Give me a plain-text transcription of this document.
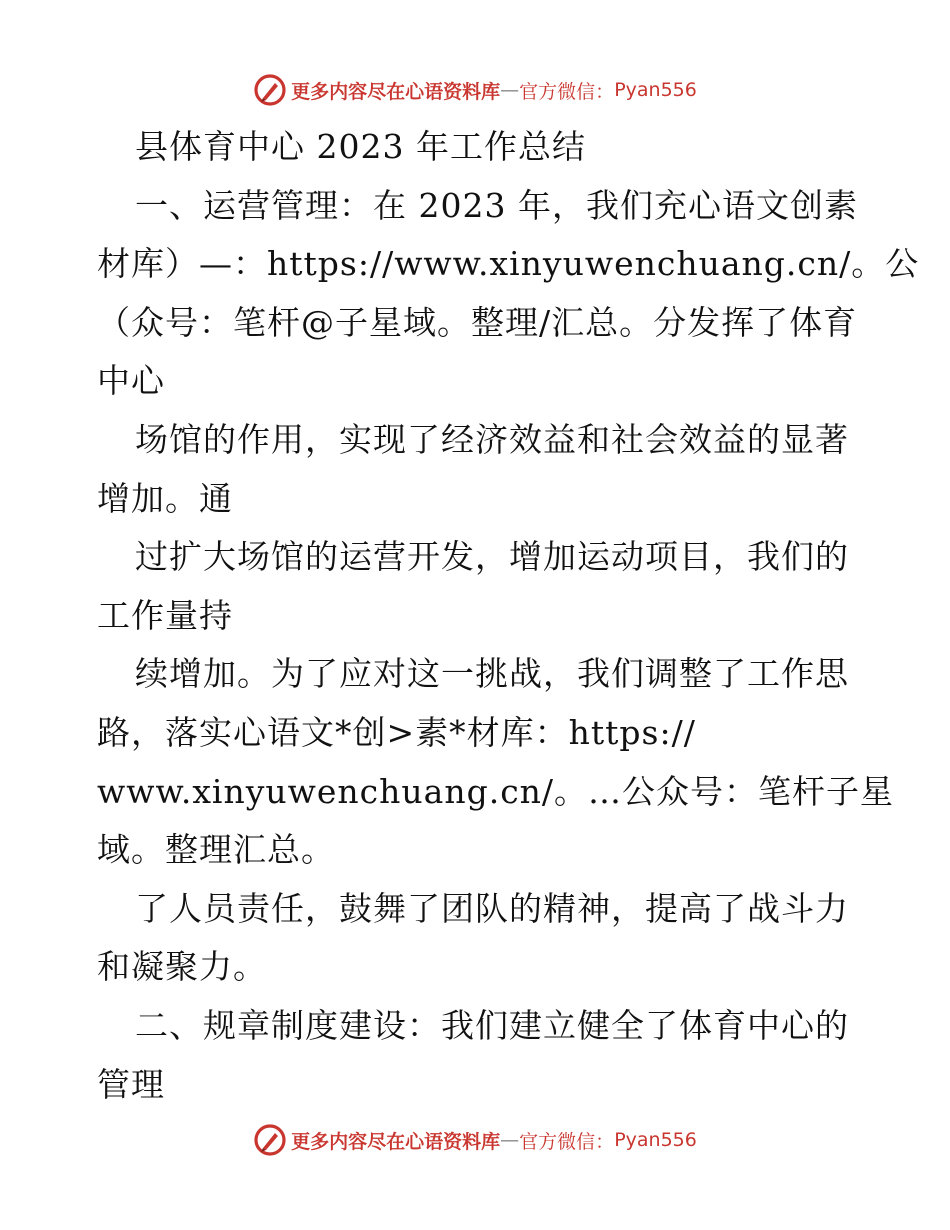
更多内容尽在心语资料库 — 官方微信： Pyan556
县体育中心 2023 年工作总结
一、运营管理：在 2023 年，我们充心语文创素
材库）—：https://www.xinyuwenchuang.cn/。公
（众号：笔杆@子星域。整理/汇总。分发挥了体育
中心
场馆的作用，实现了经济效益和社会效益的显著
增加。通
过扩大场馆的运营开发，增加运动项目，我们的
工作量持
续增加。为了应对这一挑战，我们调整了工作思
路，落实心语文*创>素*材库：https://
www.xinyuwenchuang.cn/。…公众号：笔杆子星
域。整理汇总。
了人员责任，鼓舞了团队的精神，提高了战斗力
和凝聚力。
二、规章制度建设：我们建立健全了体育中心的
管理
更多内容尽在心语资料库 — 官方微信： Pyan556
